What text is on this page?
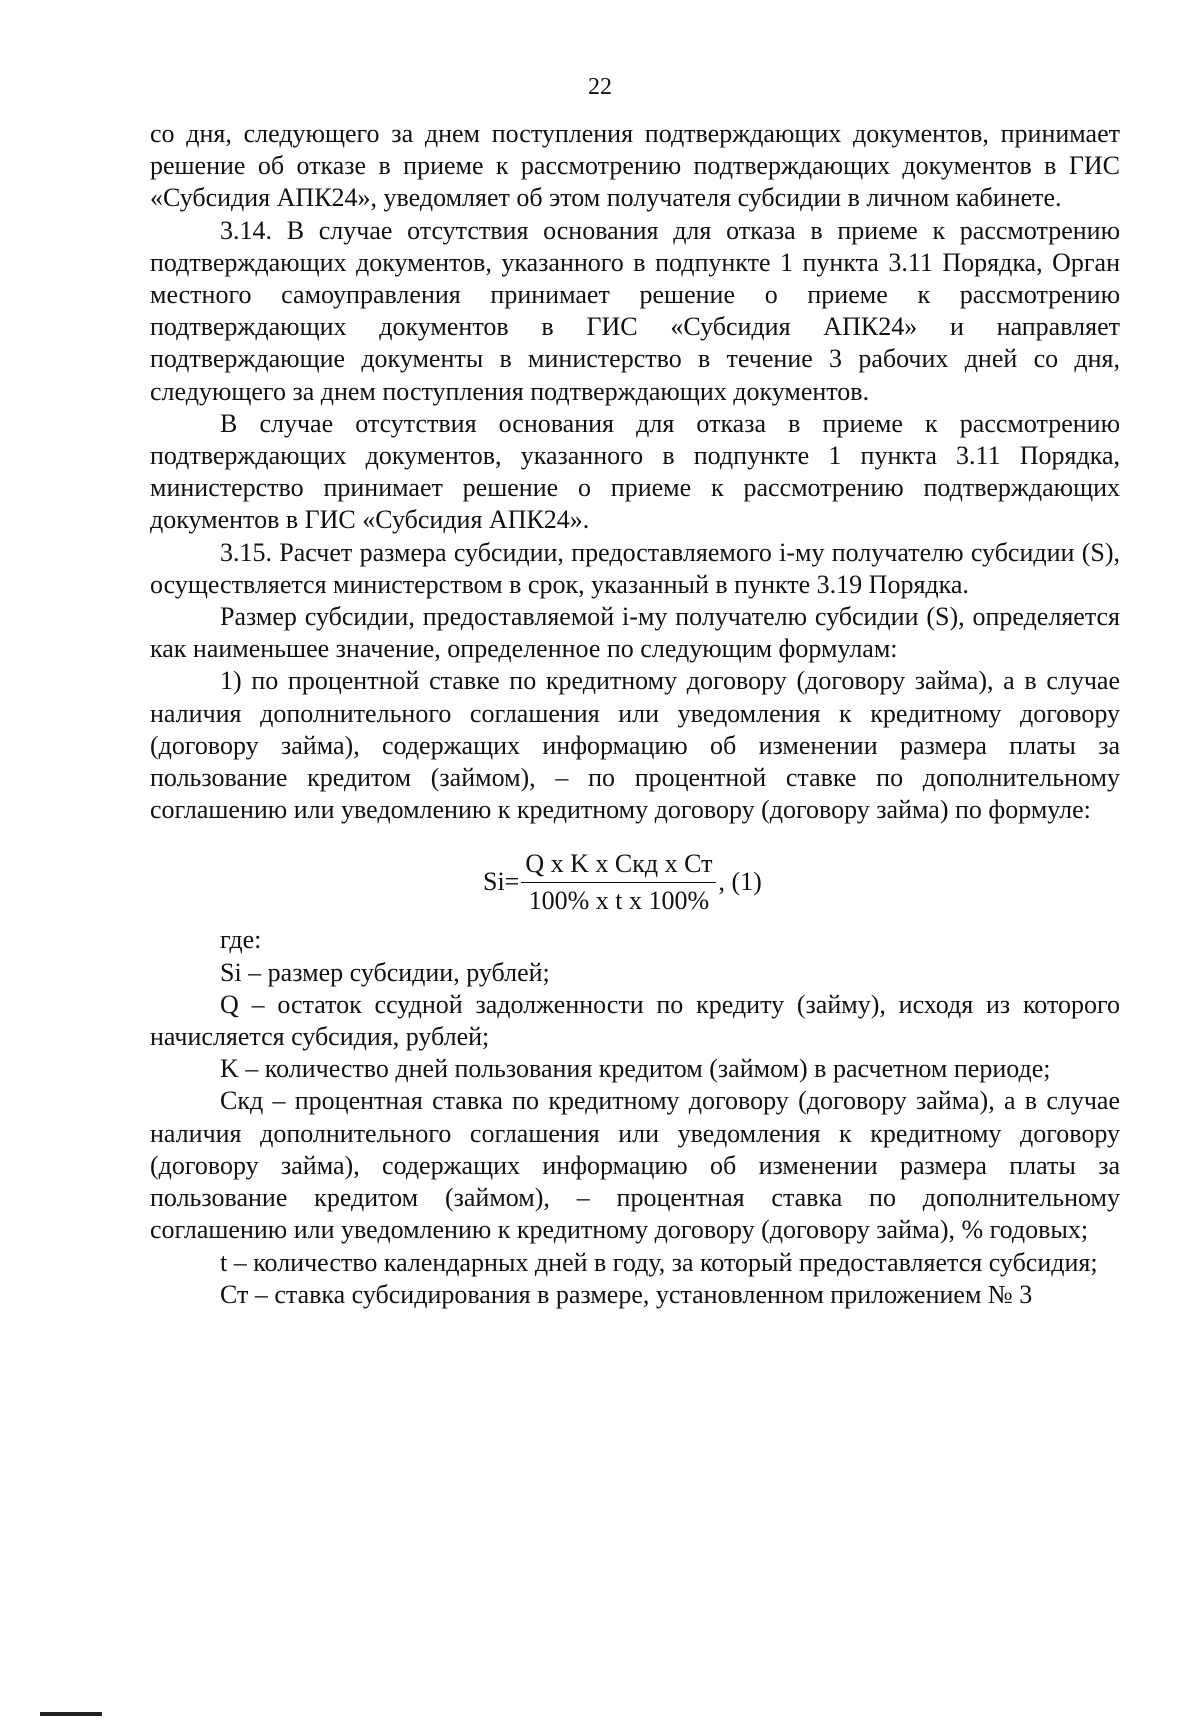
22

со дня, следующего за днем поступления подтверждающих документов, принимает решение об отказе в приеме к рассмотрению подтверждающих документов в ГИС «Субсидия АПК24», уведомляет об этом получателя субсидии в личном кабинете.

3.14. В случае отсутствия основания для отказа в приеме к рассмотрению подтверждающих документов, указанного в подпункте 1 пункта 3.11 Порядка, Орган местного самоуправления принимает решение о приеме к рассмотрению подтверждающих документов в ГИС «Субсидия АПК24» и направляет подтверждающие документы в министерство в течение 3 рабочих дней со дня, следующего за днем поступления подтверждающих документов.

В случае отсутствия основания для отказа в приеме к рассмотрению подтверждающих документов, указанного в подпункте 1 пункта 3.11 Порядка, министерство принимает решение о приеме к рассмотрению подтверждающих документов в ГИС «Субсидия АПК24».

3.15. Расчет размера субсидии, предоставляемого i-му получателю субсидии (S), осуществляется министерством в срок, указанный в пункте 3.19 Порядка.

Размер субсидии, предоставляемой i-му получателю субсидии (S), определяется как наименьшее значение, определенное по следующим формулам:

1) по процентной ставке по кредитному договору (договору займа), а в случае наличия дополнительного соглашения или уведомления к кредитному договору (договору займа), содержащих информацию об изменении размера платы за пользование кредитом (займом), – по процентной ставке по дополнительному соглашению или уведомлению к кредитному договору (договору займа) по формуле:

$Si= \frac{\text{Q x K x Скд x Ст}}{\text{100\% x t x 100\%}}$ , (1)

где:

Si – размер субсидии, рублей;

Q – остаток ссудной задолженности по кредиту (займу), исходя из которого начисляется субсидия, рублей;

K – количество дней пользования кредитом (займом) в расчетном периоде;

Скд – процентная ставка по кредитному договору (договору займа), а в случае наличия дополнительного соглашения или уведомления к кредитному договору (договору займа), содержащих информацию об изменении размера платы за пользование кредитом (займом), – процентная ставка по дополнительному соглашению или уведомлению к кредитному договору (договору займа), % годовых;

t – количество календарных дней в году, за который предоставляется субсидия;

Ст – ставка субсидирования в размере, установленном приложением № 3
